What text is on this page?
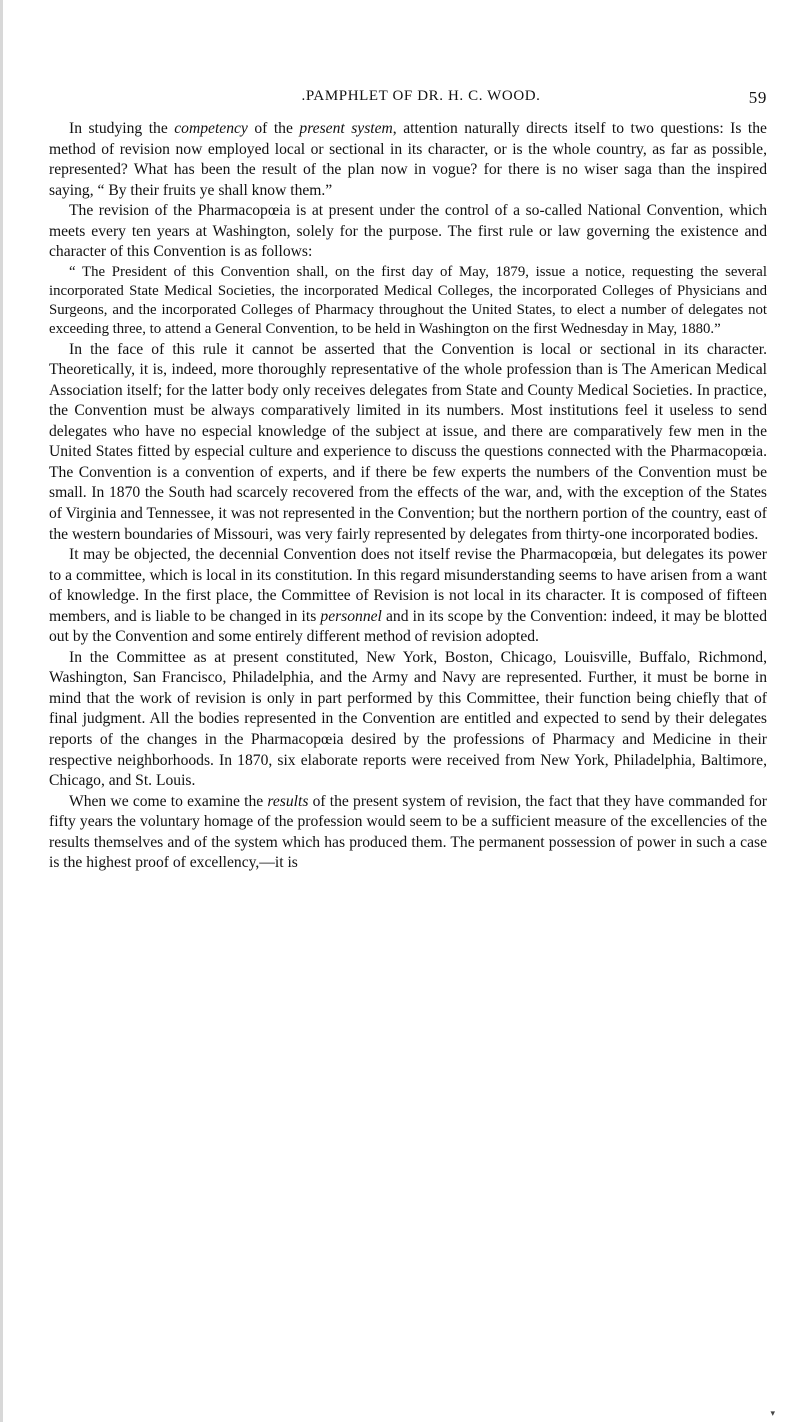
.PAMPHLET OF DR. H. C. WOOD.	59

In studying the competency of the present system, attention naturally directs itself to two questions: Is the method of revision now employed local or sectional in its character, or is the whole country, as far as possible, represented? What has been the result of the plan now in vogue? for there is no wiser saga than the inspired saying, “ By their fruits ye shall know them.”

The revision of the Pharmacopœia is at present under the control of a so-called National Convention, which meets every ten years at Washington, solely for the purpose. The first rule or law governing the existence and character of this Convention is as follows:

“ The President of this Convention shall, on the first day of May, 1879, issue a notice, requesting the several incorporated State Medical Societies, the incorporated Medical Colleges, the incorporated Colleges of Physicians and Surgeons, and the incorporated Colleges of Pharmacy throughout the United States, to elect a number of delegates not exceeding three, to attend a General Convention, to be held in Washington on the first Wednesday in May, 1880.”

In the face of this rule it cannot be asserted that the Convention is local or sectional in its character. Theoretically, it is, indeed, more thoroughly representative of the whole profession than is The American Medical Association itself; for the latter body only receives delegates from State and County Medical Societies. In practice, the Convention must be always comparatively limited in its numbers. Most institutions feel it useless to send delegates who have no especial knowledge of the subject at issue, and there are comparatively few men in the United States fitted by especial culture and experience to discuss the questions connected with the Pharmacopœia. The Convention is a convention of experts, and if there be few experts the numbers of the Convention must be small. In 1870 the South had scarcely recovered from the effects of the war, and, with the exception of the States of Virginia and Tennessee, it was not represented in the Convention; but the northern portion of the country, east of the western boundaries of Missouri, was very fairly represented by delegates from thirty-one incorporated bodies.

It may be objected, the decennial Convention does not itself revise the Pharmacopœia, but delegates its power to a committee, which is local in its constitution. In this regard misunderstanding seems to have arisen from a want of knowledge. In the first place, the Committee of Revision is not local in its character. It is composed of fifteen members, and is liable to be changed in its personnel and in its scope by the Convention: indeed, it may be blotted out by the Convention and some entirely different method of revision adopted.

In the Committee as at present constituted, New York, Boston, Chicago, Louisville, Buffalo, Richmond, Washington, San Francisco, Philadelphia, and the Army and Navy are represented. Further, it must be borne in mind that the work of revision is only in part performed by this Committee, their function being chiefly that of final judgment. All the bodies represented in the Convention are entitled and expected to send by their delegates reports of the changes in the Pharmacopœia desired by the professions of Pharmacy and Medicine in their respective neighborhoods. In 1870, six elaborate reports were received from New York, Philadelphia, Baltimore, Chicago, and St. Louis.

When we come to examine the results of the present system of revision, the fact that they have commanded for fifty years the voluntary homage of the profession would seem to be a sufficient measure of the excellencies of the results themselves and of the system which has produced them. The permanent possession of power in such a case is the highest proof of excellency,—it is

▾
